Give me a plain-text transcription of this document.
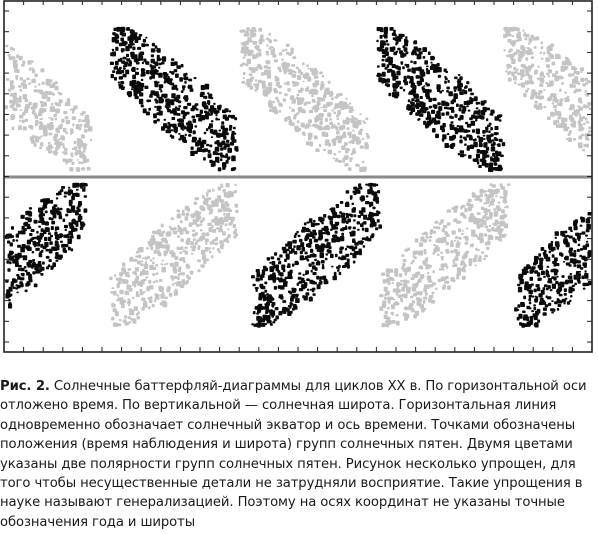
Рис. 2. Солнечные баттерфляй-диаграммы для циклов XX в. По горизонтальной оси отложено время. По вертикальной — солнечная широта. Горизонтальная линия одновременно обозначает солнечный экватор и ось времени. Точками обозначены положения (время наблюдения и широта) групп солнечных пятен. Двумя цветами указаны две полярности групп солнечных пятен. Рисунок несколько упрощен, для того чтобы несущественные детали не затрудняли восприятие. Такие упрощения в науке называют генерализацией. Поэтому на осях координат не указаны точные обозначения года и широты
